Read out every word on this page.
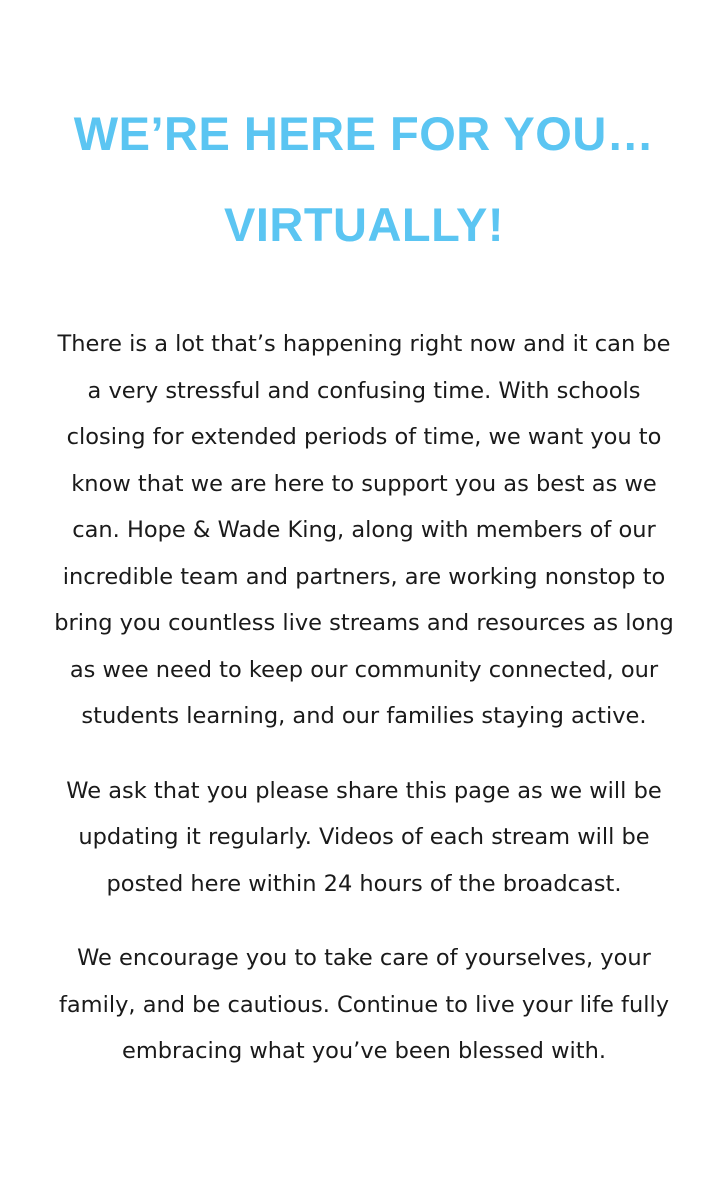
WE’RE HERE FOR YOU…
VIRTUALLY!

There is a lot that’s happening right now and it can be
a very stressful and confusing time. With schools
closing for extended periods of time, we want you to
know that we are here to support you as best as we
can. Hope & Wade King, along with members of our
incredible team and partners, are working nonstop to
bring you countless live streams and resources as long
as wee need to keep our community connected, our
students learning, and our families staying active.

We ask that you please share this page as we will be
updating it regularly. Videos of each stream will be
posted here within 24 hours of the broadcast.

We encourage you to take care of yourselves, your
family, and be cautious. Continue to live your life fully
embracing what you’ve been blessed with.
